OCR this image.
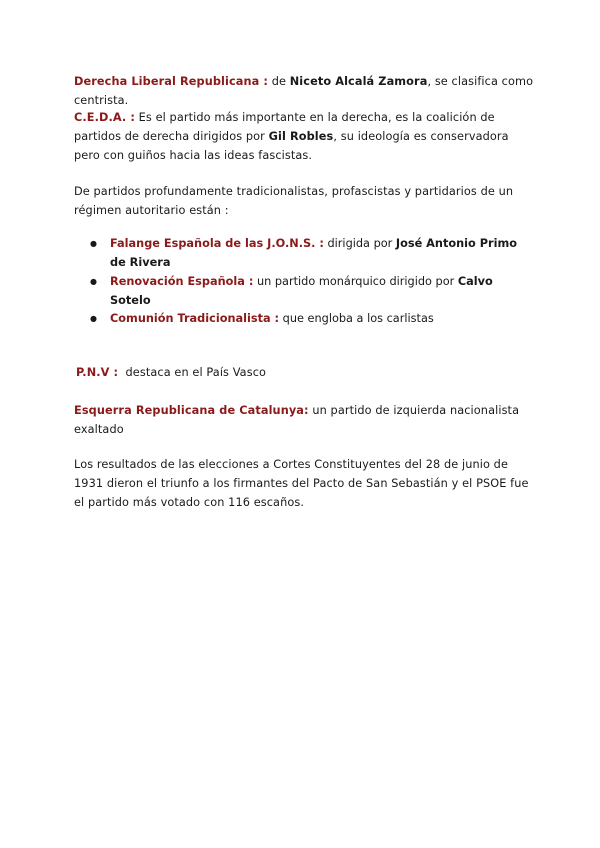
Derecha Liberal Republicana : de Niceto Alcalá Zamora, se clasifica como centrista.
C.E.D.A. : Es el partido más importante en la derecha, es la coalición de partidos de derecha dirigidos por Gil Robles, su ideología es conservadora pero con guiños hacia las ideas fascistas.
De partidos profundamente tradicionalistas, profascistas y partidarios de un régimen autoritario están :
● Falange Española de las J.O.N.S. : dirigida por José Antonio Primo de Rivera
● Renovación Española : un partido monárquico dirigido por Calvo Sotelo
● Comunión Tradicionalista : que engloba a los carlistas
P.N.V :  destaca en el País Vasco
Esquerra Republicana de Catalunya: un partido de izquierda nacionalista exaltado
Los resultados de las elecciones a Cortes Constituyentes del 28 de junio de 1931 dieron el triunfo a los firmantes del Pacto de San Sebastián y el PSOE fue el partido más votado con 116 escaños.
